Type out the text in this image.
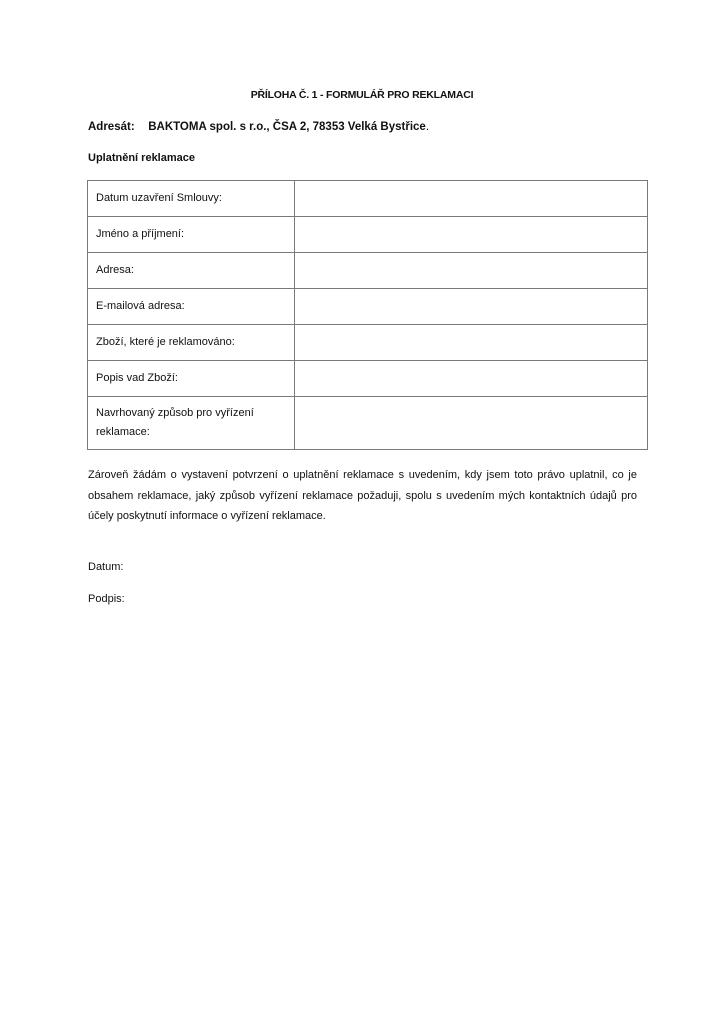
PŘÍLOHA Č. 1 - FORMULÁŘ PRO REKLAMACI
Adresát: BAKTOMA spol. s r.o., ČSA 2, 78353 Velká Bystřice.
Uplatnění reklamace
Datum uzavření Smlouvy:	
Jméno a příjmení:	
Adresa:	
E-mailová adresa:	
Zboží, které je reklamováno:	
Popis vad Zboží:	
Navrhovaný způsob pro vyřízení reklamace:	
Zároveň žádám o vystavení potvrzení o uplatnění reklamace s uvedením, kdy jsem toto právo uplatnil, co je obsahem reklamace, jaký způsob vyřízení reklamace požaduji, spolu s uvedením mých kontaktních údajů pro účely poskytnutí informace o vyřízení reklamace.
Datum:
Podpis:
